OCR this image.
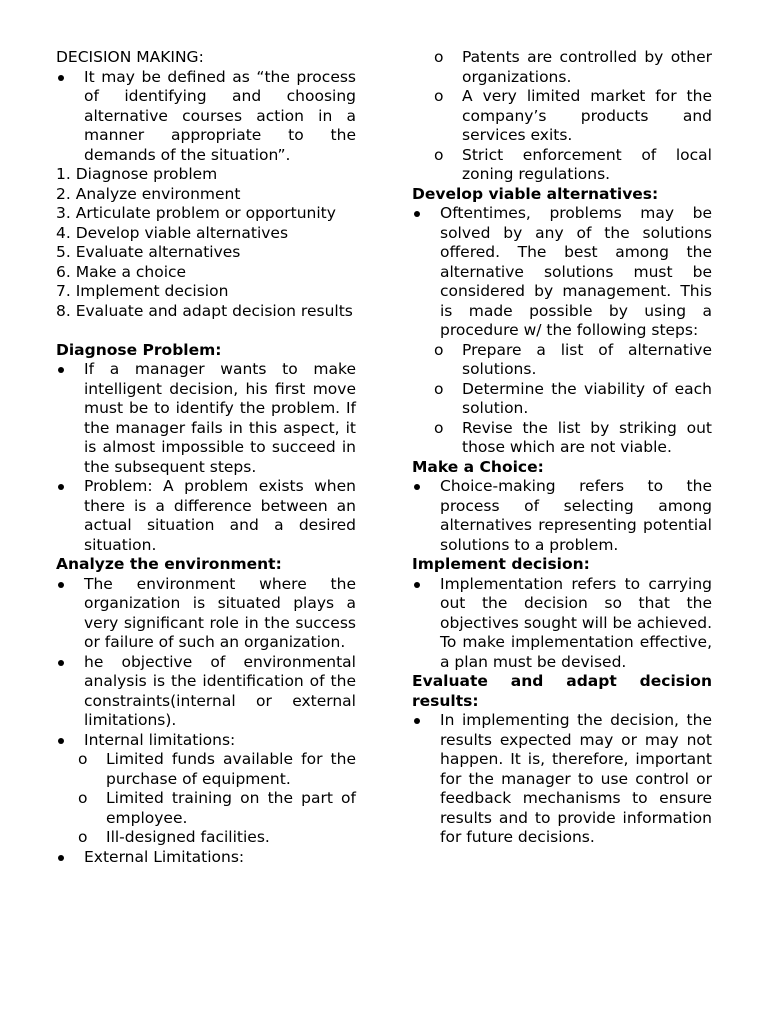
DECISION MAKING:

It may be defined as “the process of identifying and choosing alternative courses action in a manner appropriate to the demands of the situation”.

1. Diagnose problem

2. Analyze environment

3. Articulate problem or opportunity

4. Develop viable alternatives

5. Evaluate alternatives

6. Make a choice

7. Implement decision

8. Evaluate and adapt decision results

Diagnose Problem:

If a manager wants to make intelligent decision, his first move must be to identify the problem. If the manager fails in this aspect, it is almost impossible to succeed in the subsequent steps.

Problem: A problem exists when there is a difference between an actual situation and a desired situation.

Analyze the environment:

The environment where the organization is situated plays a very significant role in the success or failure of such an organization.

he objective of environmental analysis is the identification of the constraints(internal or external limitations).

Internal limitations:

o Limited funds available for the purchase of equipment.

o Limited training on the part of employee.

o Ill-designed facilities.

External Limitations:

o Patents are controlled by other organizations.

o A very limited market for the company’s products and services exits.

o Strict enforcement of local zoning regulations.

Develop viable alternatives:

Oftentimes, problems may be solved by any of the solutions offered. The best among the alternative solutions must be considered by management. This is made possible by using a procedure w/ the following steps:

o Prepare a list of alternative solutions.

o Determine the viability of each solution.

o Revise the list by striking out those which are not viable.

Make a Choice:

Choice-making refers to the process of selecting among alternatives representing potential solutions to a problem.

Implement decision:

Implementation refers to carrying out the decision so that the objectives sought will be achieved. To make implementation effective, a plan must be devised.

Evaluate and adapt decision results:

In implementing the decision, the results expected may or may not happen. It is, therefore, important for the manager to use control or feedback mechanisms to ensure results and to provide information for future decisions.
